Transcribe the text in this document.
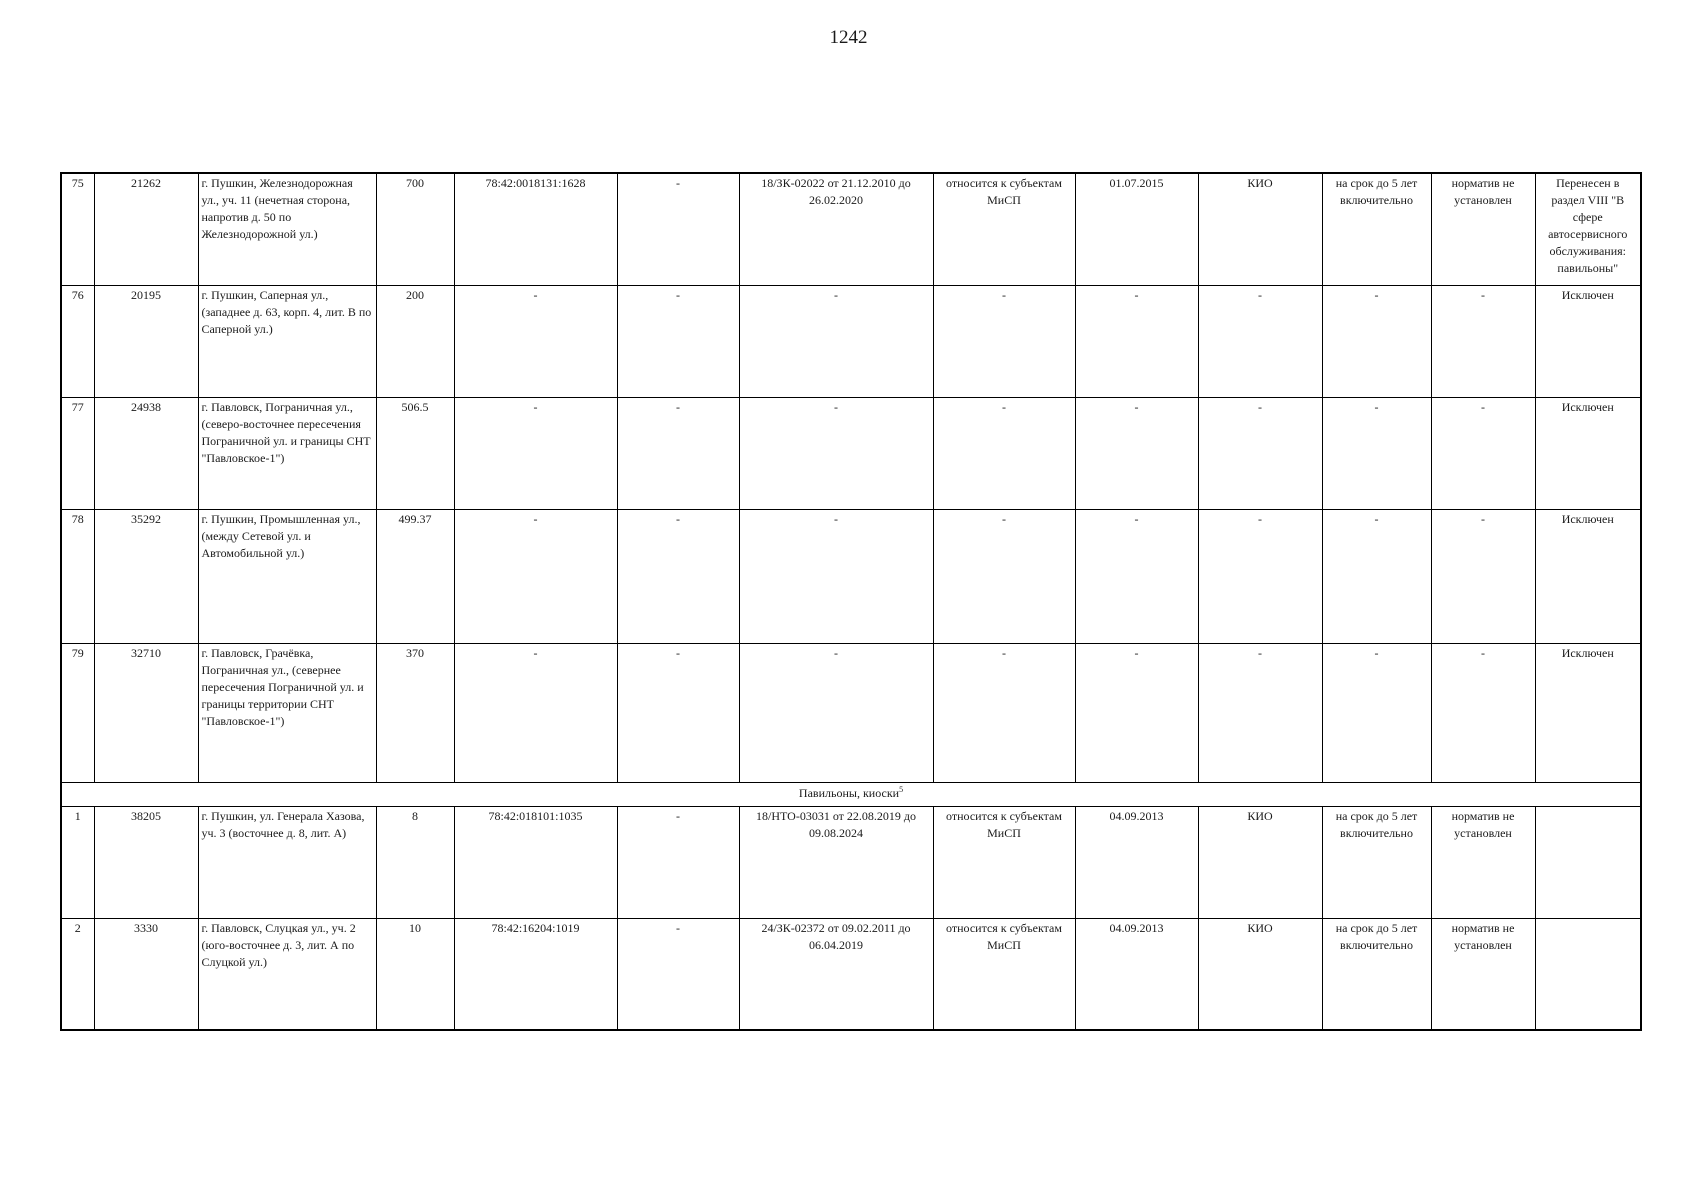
1242
75	21262	г. Пушкин, Железнодорожная ул., уч. 11 (нечетная сторона, напротив д. 50 по Железнодорожной ул.)	700	78:42:0018131:1628	-	18/ЗК-02022 от 21.12.2010 до 26.02.2020	относится к субъектам МиСП	01.07.2015	КИО	на срок до 5 лет включительно	норматив не установлен	Перенесен в раздел VIII "В сфере автосервисного обслуживания: павильоны"
76	20195	г. Пушкин, Саперная ул., (западнее д. 63, корп. 4, лит. В по Саперной ул.)	200	-	-	-	-	-	-	-	-	Исключен
77	24938	г. Павловск, Пограничная ул., (северо-восточнее пересечения Пограничной ул. и границы СНТ "Павловское-1")	506.5	-	-	-	-	-	-	-	-	Исключен
78	35292	г. Пушкин, Промышленная ул., (между Сетевой ул. и Автомобильной ул.)	499.37	-	-	-	-	-	-	-	-	Исключен
79	32710	г. Павловск, Грачёвка, Пограничная ул., (севернее пересечения Пограничной ул. и границы территории СНТ "Павловское-1")	370	-	-	-	-	-	-	-	-	Исключен
Павильоны, киоски$^5$
1	38205	г. Пушкин, ул. Генерала Хазова, уч. 3 (восточнее д. 8, лит. А)	8	78:42:018101:1035	-	18/НТО-03031 от 22.08.2019 до 09.08.2024	относится к субъектам МиСП	04.09.2013	КИО	на срок до 5 лет включительно	норматив не установлен	
2	3330	г. Павловск, Слуцкая ул., уч. 2 (юго-восточнее д. 3, лит. А по Слуцкой ул.)	10	78:42:16204:1019	-	24/ЗК-02372 от 09.02.2011 до 06.04.2019	относится к субъектам МиСП	04.09.2013	КИО	на срок до 5 лет включительно	норматив не установлен	
